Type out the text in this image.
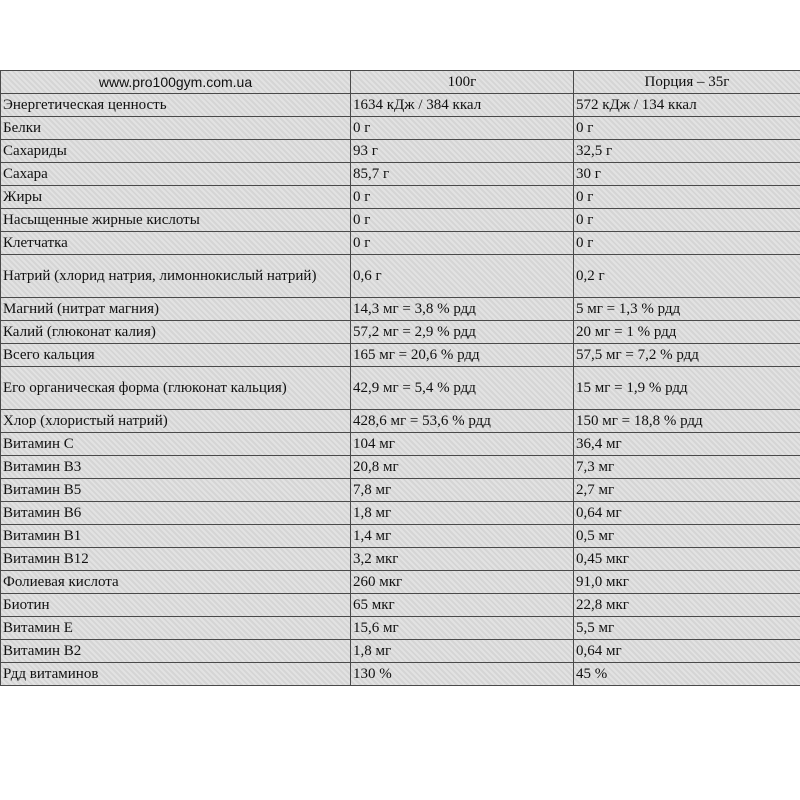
www.pro100gym.com.ua	100г	Порция – 35г
Энергетическая ценность	1634 кДж / 384 ккал	572 кДж / 134 ккал
Белки	0 г	0 г
Сахариды	93 г	32,5 г
Сахара	85,7 г	30 г
Жиры	0 г	0 г
Насыщенные жирные кислоты	0 г	0 г
Клетчатка	0 г	0 г
Натрий (хлорид натрия, лимоннокислый натрий)	0,6 г	0,2 г
Магний (нитрат магния)	14,3 мг = 3,8 % рдд	5 мг = 1,3 % рдд
Калий (глюконат калия)	57,2 мг = 2,9 % рдд	20 мг = 1 % рдд
Всего кальция	165 мг = 20,6 % рдд	57,5 мг = 7,2 % рдд
Его органическая форма (глюконат кальция)	42,9 мг = 5,4 % рдд	15 мг = 1,9 % рдд
Хлор (хлористый натрий)	428,6 мг = 53,6 % рдд	150 мг = 18,8 % рдд
Витамин С	104 мг	36,4 мг
Витамин В3	20,8 мг	7,3 мг
Витамин В5	7,8 мг	2,7 мг
Витамин В6	1,8 мг	0,64 мг
Витамин В1	1,4 мг	0,5 мг
Витамин В12	3,2 мкг	0,45 мкг
Фолиевая кислота	260 мкг	91,0 мкг
Биотин	65 мкг	22,8 мкг
Витамин Е	15,6 мг	5,5 мг
Витамин В2	1,8 мг	0,64 мг
Рдд витаминов	130 %	45 %
